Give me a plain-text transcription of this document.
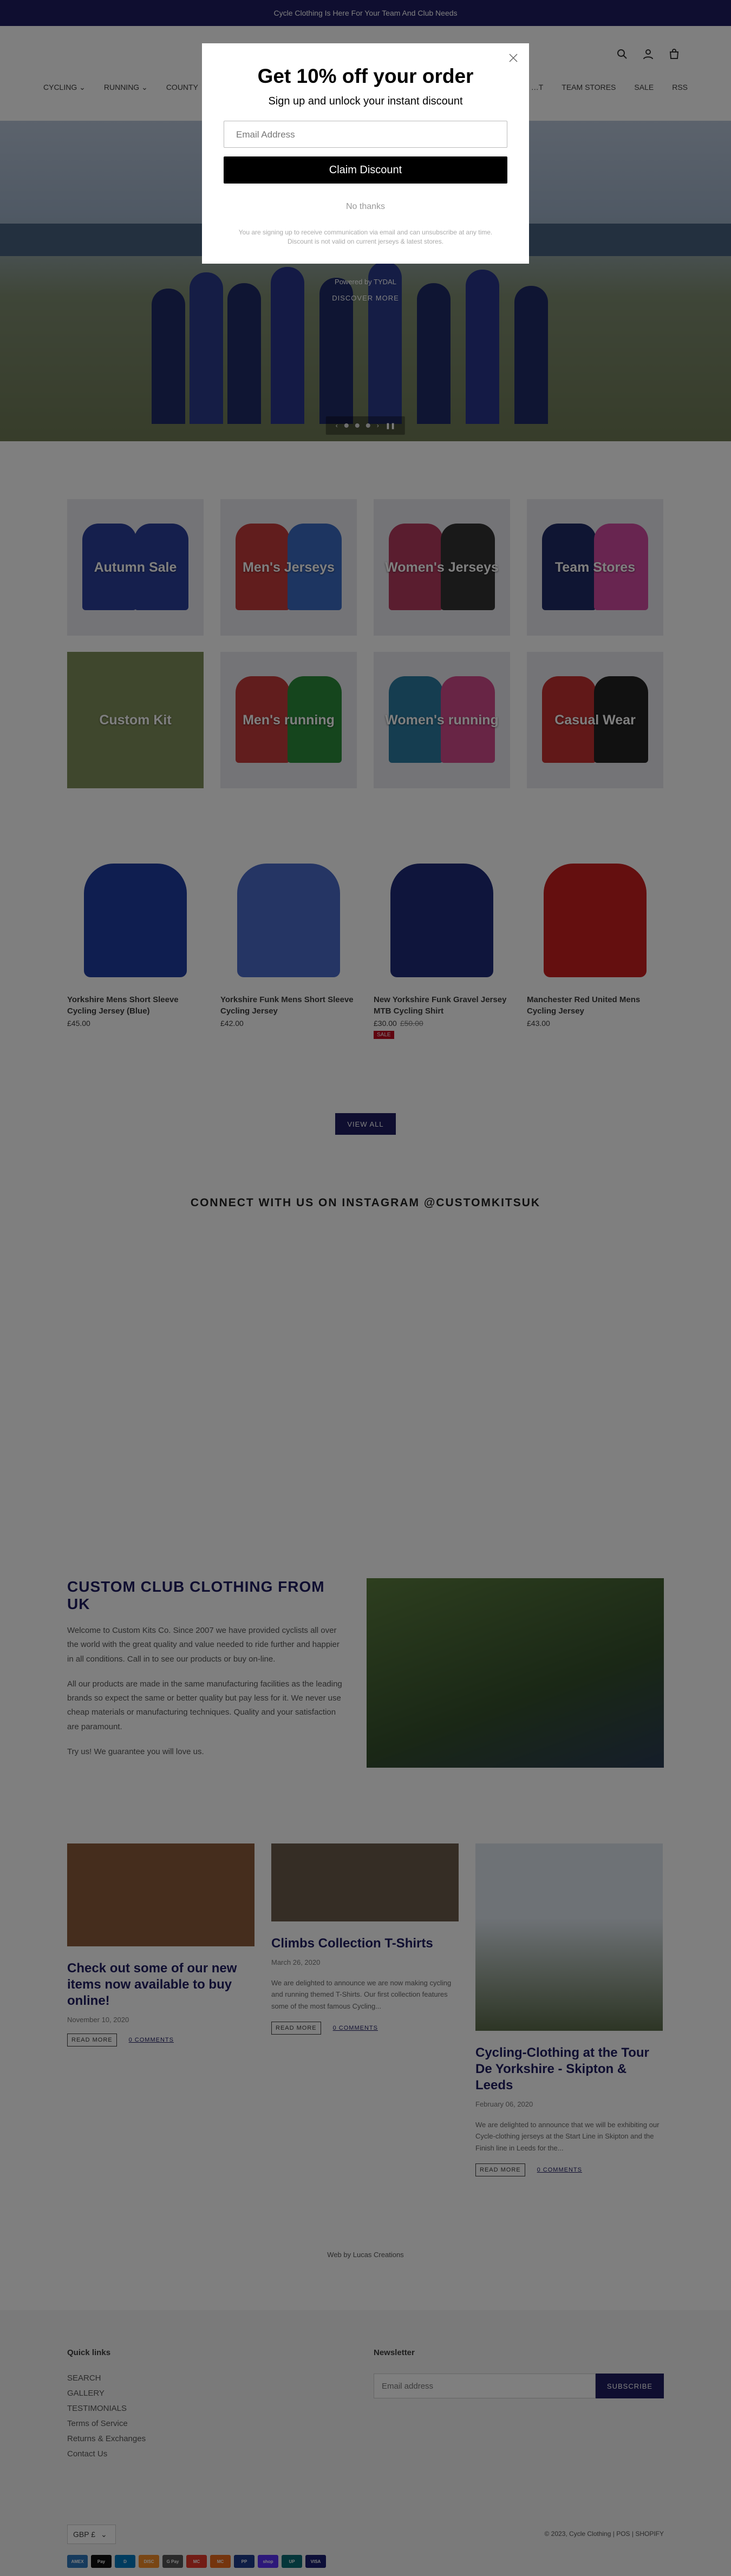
Email address
Get 10% off your order
Sign up and unlock your instant discount
Email Address
Claim Discount
No thanks
You are signing up to receive communication via email and can unsubscribe at any time. Discount is not valid on current jerseys & latest stores.
